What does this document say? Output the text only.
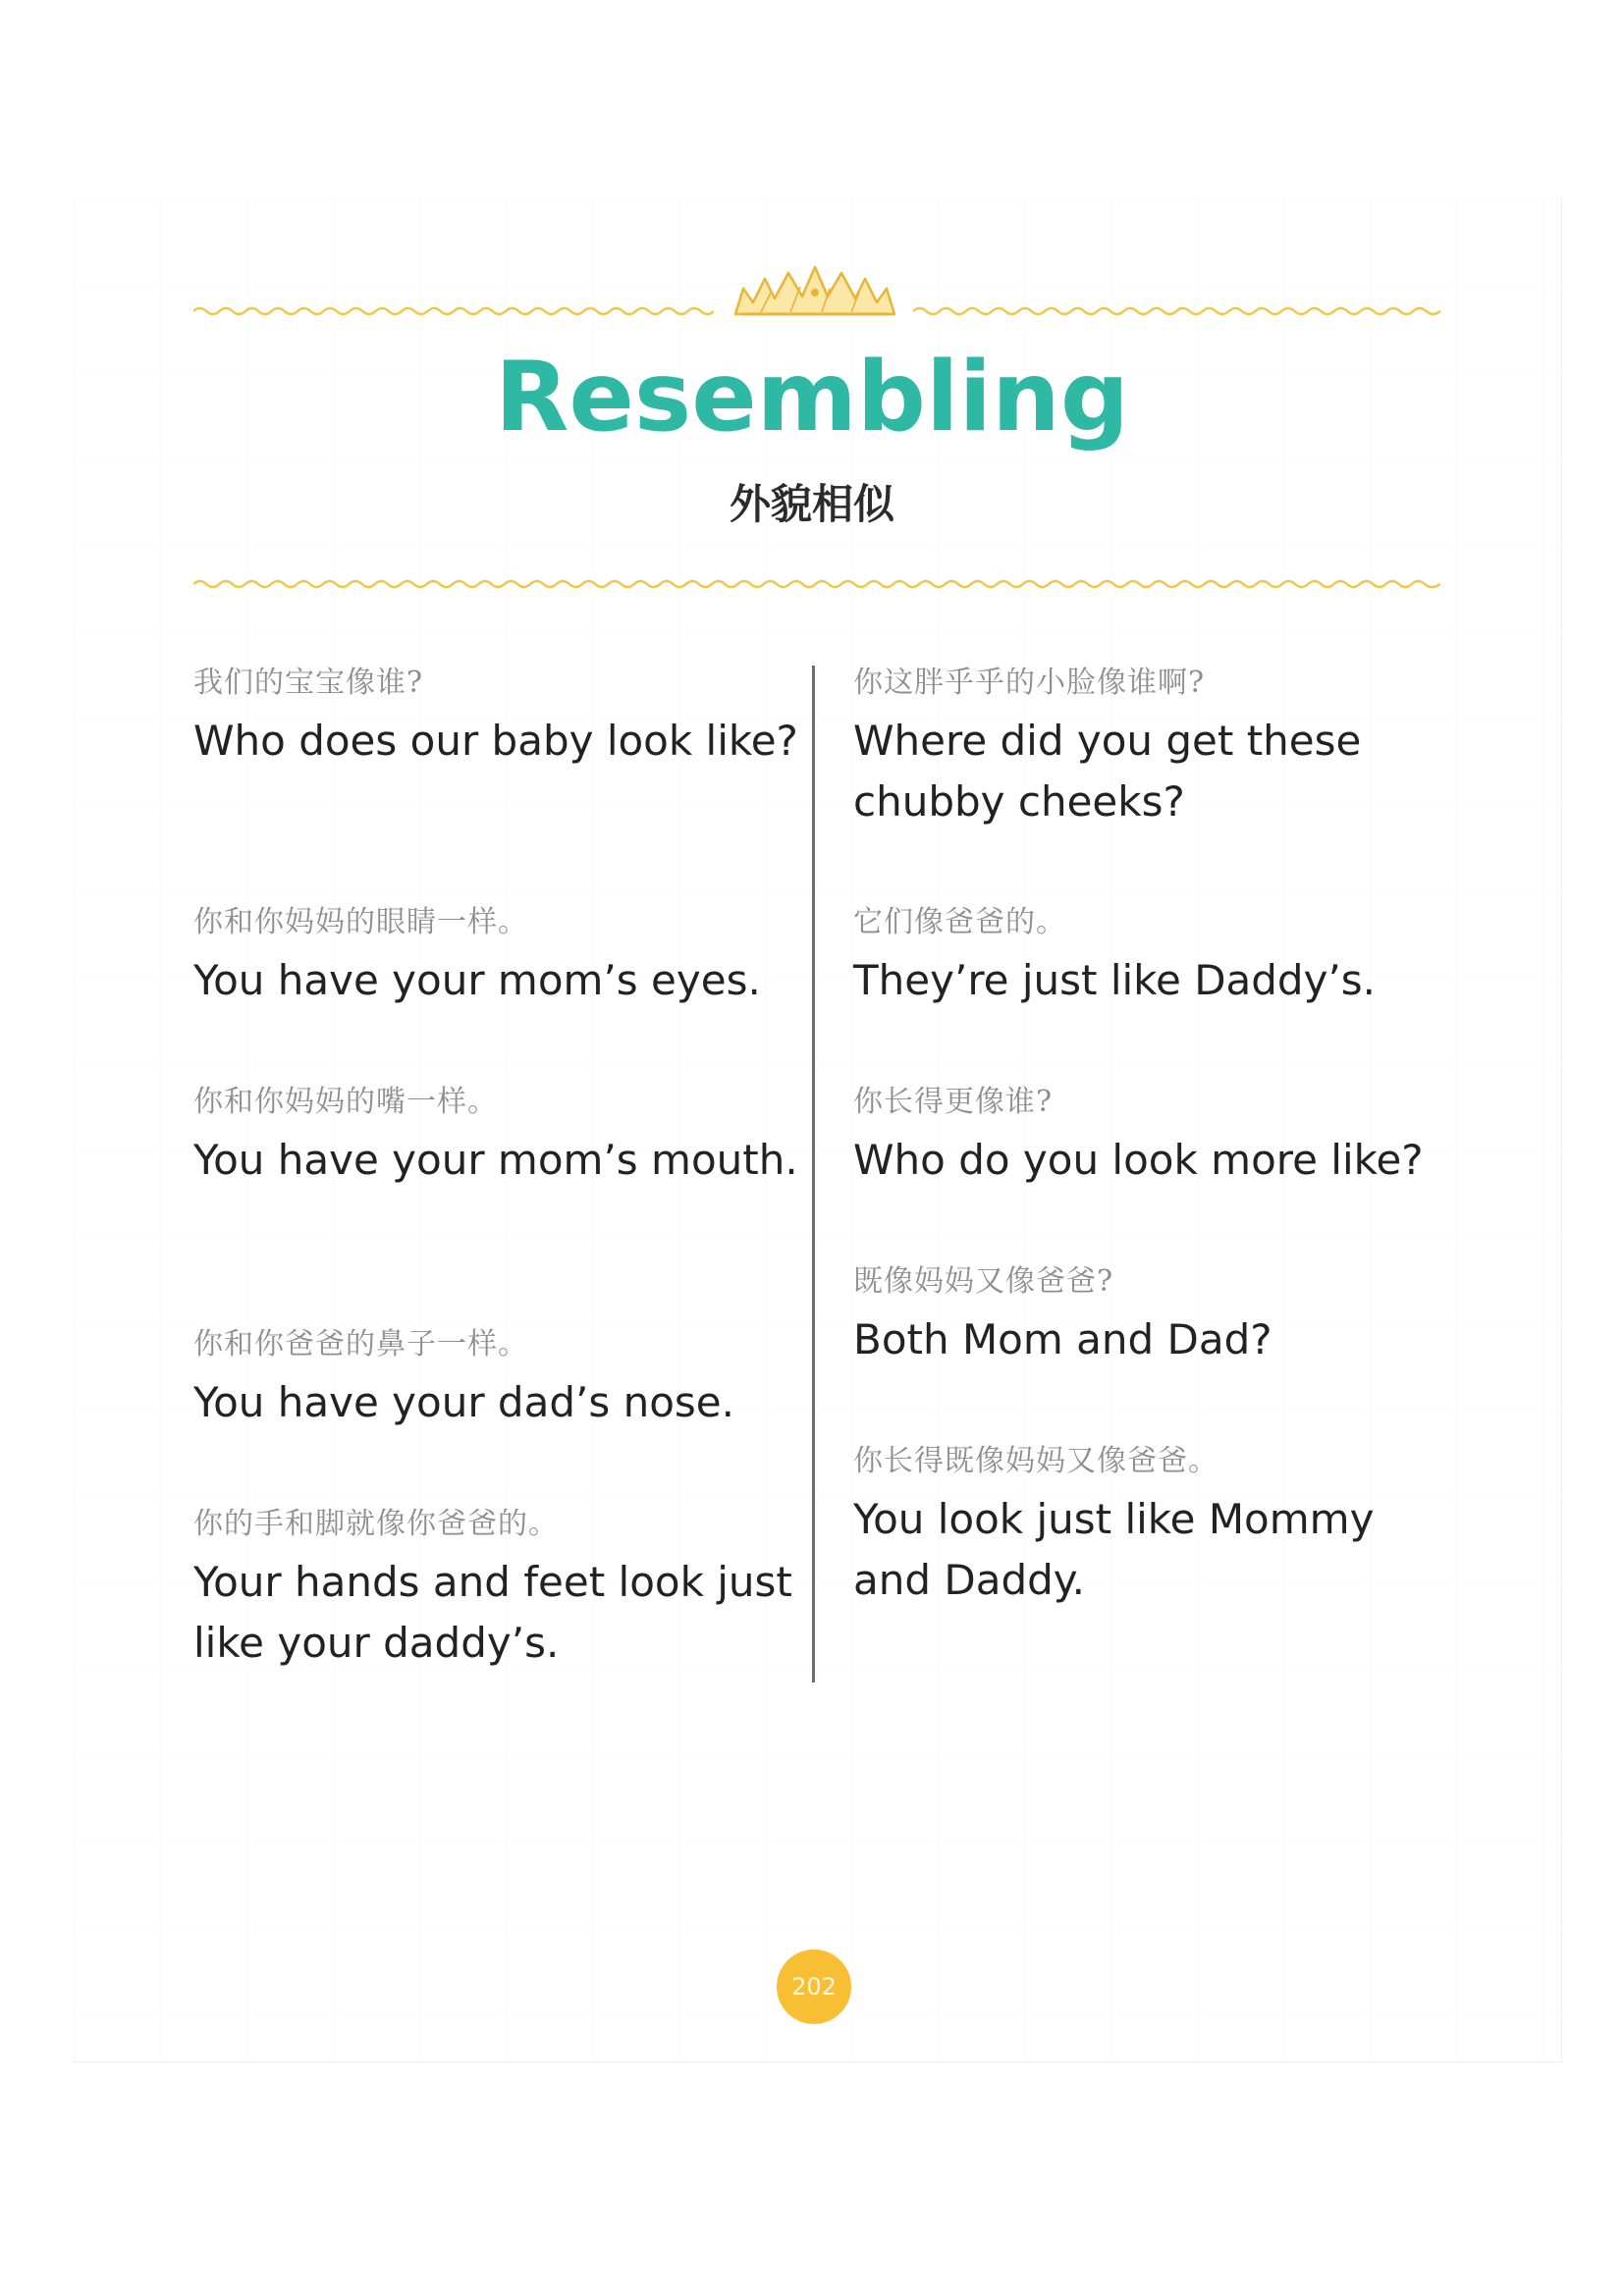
Resembling
外貌相似
我们的宝宝像谁?
Who does our baby look like?
你和你妈妈的眼睛一样。
You have your mom’s eyes.
你和你妈妈的嘴一样。
You have your mom’s mouth.
你和你爸爸的鼻子一样。
You have your dad’s nose.
你的手和脚就像你爸爸的。
Your hands and feet look just like your daddy’s.
你这胖乎乎的小脸像谁啊?
Where did you get these chubby cheeks?
它们像爸爸的。
They’re just like Daddy’s.
你长得更像谁?
Who do you look more like?
既像妈妈又像爸爸?
Both Mom and Dad?
你长得既像妈妈又像爸爸。
You look just like Mommy and Daddy.
202
